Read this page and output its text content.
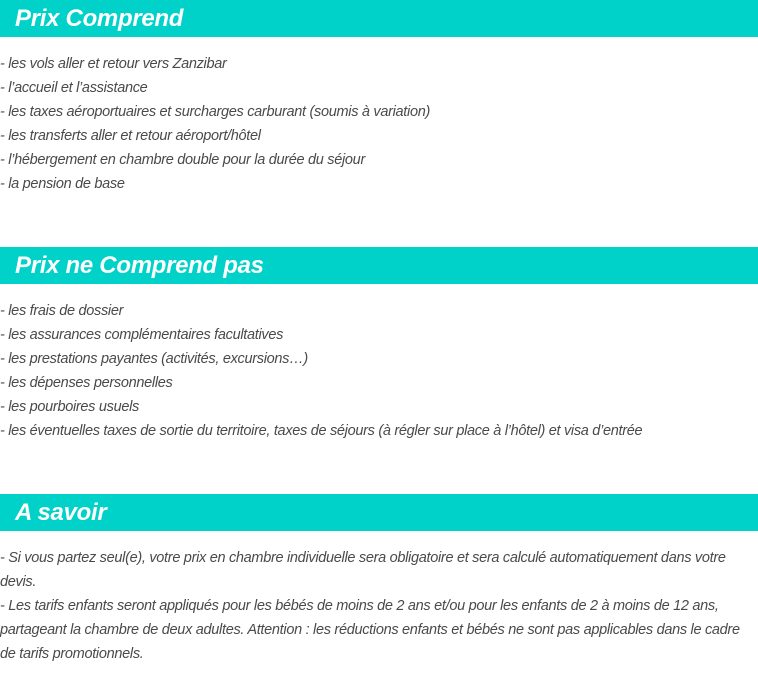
Prix Comprend
- les vols aller et retour vers Zanzibar
- l’accueil et l’assistance
- les taxes aéroportuaires et surcharges carburant (soumis à variation)
- les transferts aller et retour aéroport/hôtel
- l’hébergement en chambre double pour la durée du séjour
- la pension de base
Prix ne Comprend pas
- les frais de dossier
- les assurances complémentaires facultatives
- les prestations payantes (activités, excursions…)
- les dépenses personnelles
- les pourboires usuels
- les éventuelles taxes de sortie du territoire, taxes de séjours (à régler sur place à l’hôtel) et visa d’entrée
A savoir
- Si vous partez seul(e), votre prix en chambre individuelle sera obligatoire et sera calculé automatiquement dans votre devis.
- Les tarifs enfants seront appliqués pour les bébés de moins de 2 ans et/ou pour les enfants de 2 à moins de 12 ans, partageant la chambre de deux adultes. Attention : les réductions enfants et bébés ne sont pas applicables dans le cadre de tarifs promotionnels.
